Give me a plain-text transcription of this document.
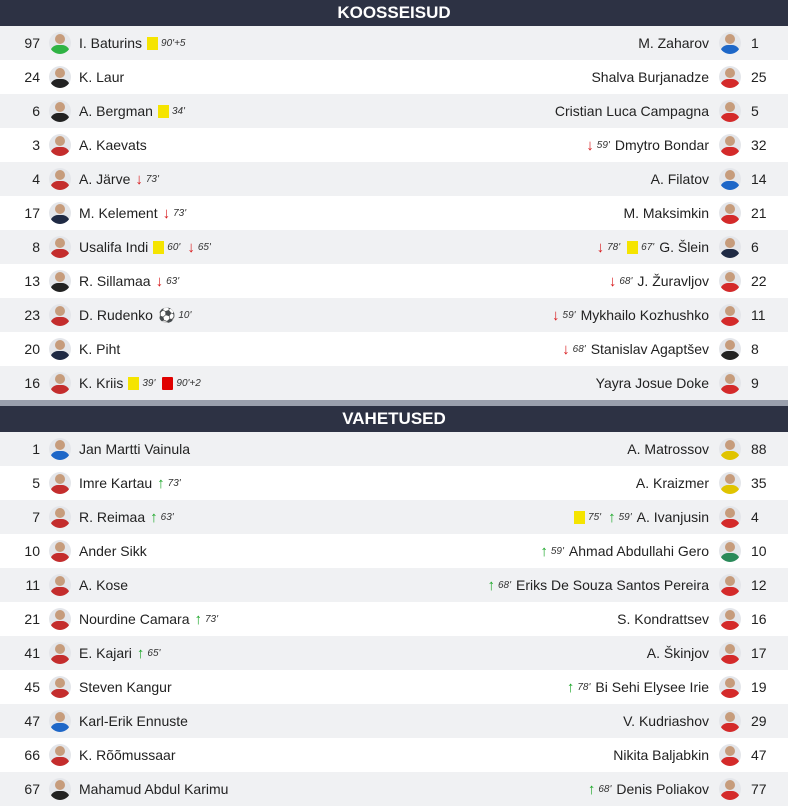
KOOSSEISUD
97	I. Baturins 90'+5	M. Zaharov	1
24	K. Laur	Shalva Burjanadze	25
6	A. Bergman 34'	Cristian Luca Campagna	5
3	A. Kaevats	↓ 59' Dmytro Bondar	32
4	A. Järve ↓ 73'	A. Filatov	14
17	M. Kelement ↓ 73'	M. Maksimkin	21
8	Usalifa Indi 60' ↓ 65'	↓ 78' 67' G. Šlein	6
13	R. Sillamaa ↓ 63'	↓ 68' J. Žuravljov	22
23	D. Rudenko ⚽ 10'	↓ 59' Mykhailo Kozhushko	11
20	K. Piht	↓ 68' Stanislav Agaptšev	8
16	K. Kriis 39' 90'+2	Yayra Josue Doke	9
VAHETUSED
1	Jan Martti Vainula	A. Matrossov	88
5	Imre Kartau ↑ 73'	A. Kraizmer	35
7	R. Reimaa ↑ 63'	75' ↑ 59' A. Ivanjusin	4
10	Ander Sikk	↑ 59' Ahmad Abdullahi Gero	10
11	A. Kose	↑ 68' Eriks De Souza Santos Pereira	12
21	Nourdine Camara ↑ 73'	S. Kondrattsev	16
41	E. Kajari ↑ 65'	A. Škinjov	17
45	Steven Kangur	↑ 78' Bi Sehi Elysee Irie	19
47	Karl-Erik Ennuste	V. Kudriashov	29
66	K. Rõõmussaar	Nikita Baljabkin	47
67	Mahamud Abdul Karimu	↑ 68' Denis Poliakov	77
